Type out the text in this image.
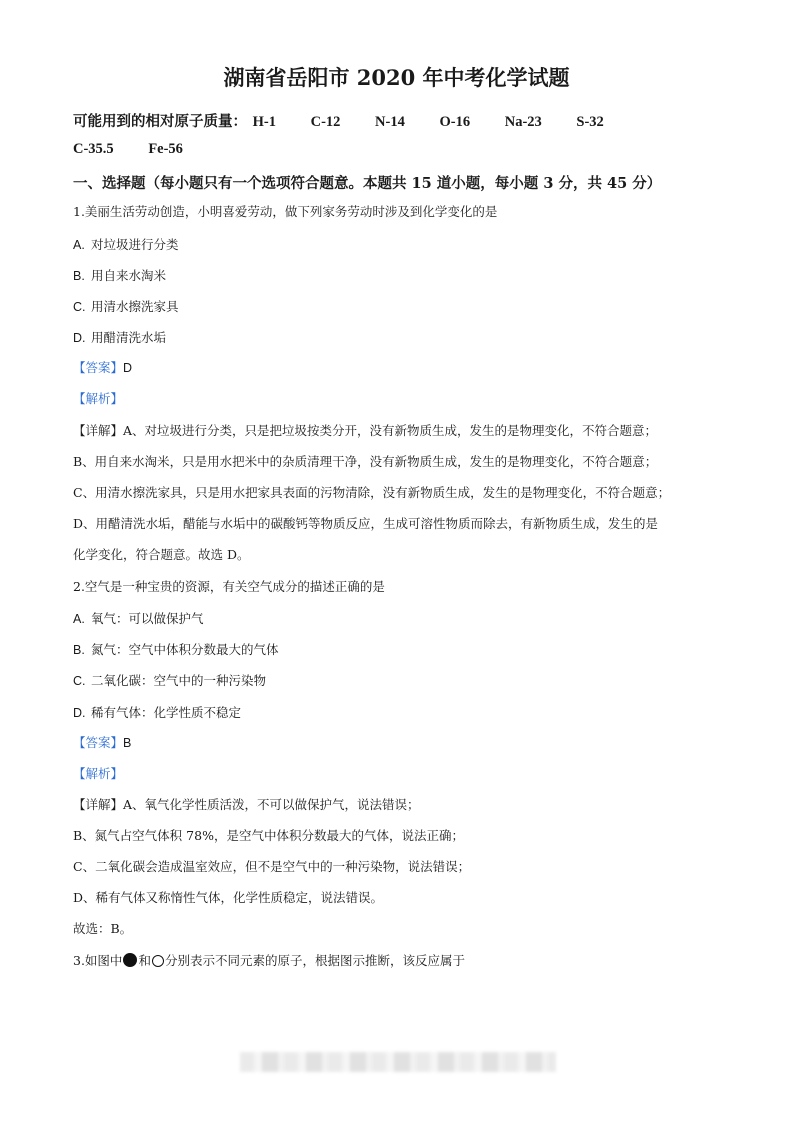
湖南省岳阳市 2020 年中考化学试题
可能用到的相对原子质量： H-1 C-12 N-14 O-16 Na-23 S-32
C-35.5 Fe-56
一、选择题（每小题只有一个选项符合题意。本题共 15 道小题，每小题 3 分，共 45 分）
1.美丽生活劳动创造，小明喜爱劳动，做下列家务劳动时涉及到化学变化的是
A. 对垃圾进行分类
B. 用自来水淘米
C. 用清水擦洗家具
D. 用醋清洗水垢
【答案】D
【解析】
【详解】A、对垃圾进行分类，只是把垃圾按类分开，没有新物质生成，发生的是物理变化，不符合题意；
B、用自来水淘米，只是用水把米中的杂质清理干净，没有新物质生成，发生的是物理变化，不符合题意；
C、用清水擦洗家具，只是用水把家具表面的污物清除，没有新物质生成，发生的是物理变化，不符合题意；
D、用醋清洗水垢，醋能与水垢中的碳酸钙等物质反应，生成可溶性物质而除去，有新物质生成，发生的是
化学变化，符合题意。故选 D。
2.空气是一种宝贵的资源，有关空气成分的描述正确的是
A. 氧气：可以做保护气
B. 氮气：空气中体积分数最大的气体
C. 二氧化碳：空气中的一种污染物
D. 稀有气体：化学性质不稳定
【答案】B
【解析】
【详解】A、氧气化学性质活泼，不可以做保护气，说法错误；
B、氮气占空气体积 78%，是空气中体积分数最大的气体，说法正确；
C、二氧化碳会造成温室效应，但不是空气中的一种污染物，说法错误；
D、稀有气体又称惰性气体，化学性质稳定，说法错误。
故选：B。
3.如图中 和 分别表示不同元素的原子，根据图示推断，该反应属于
